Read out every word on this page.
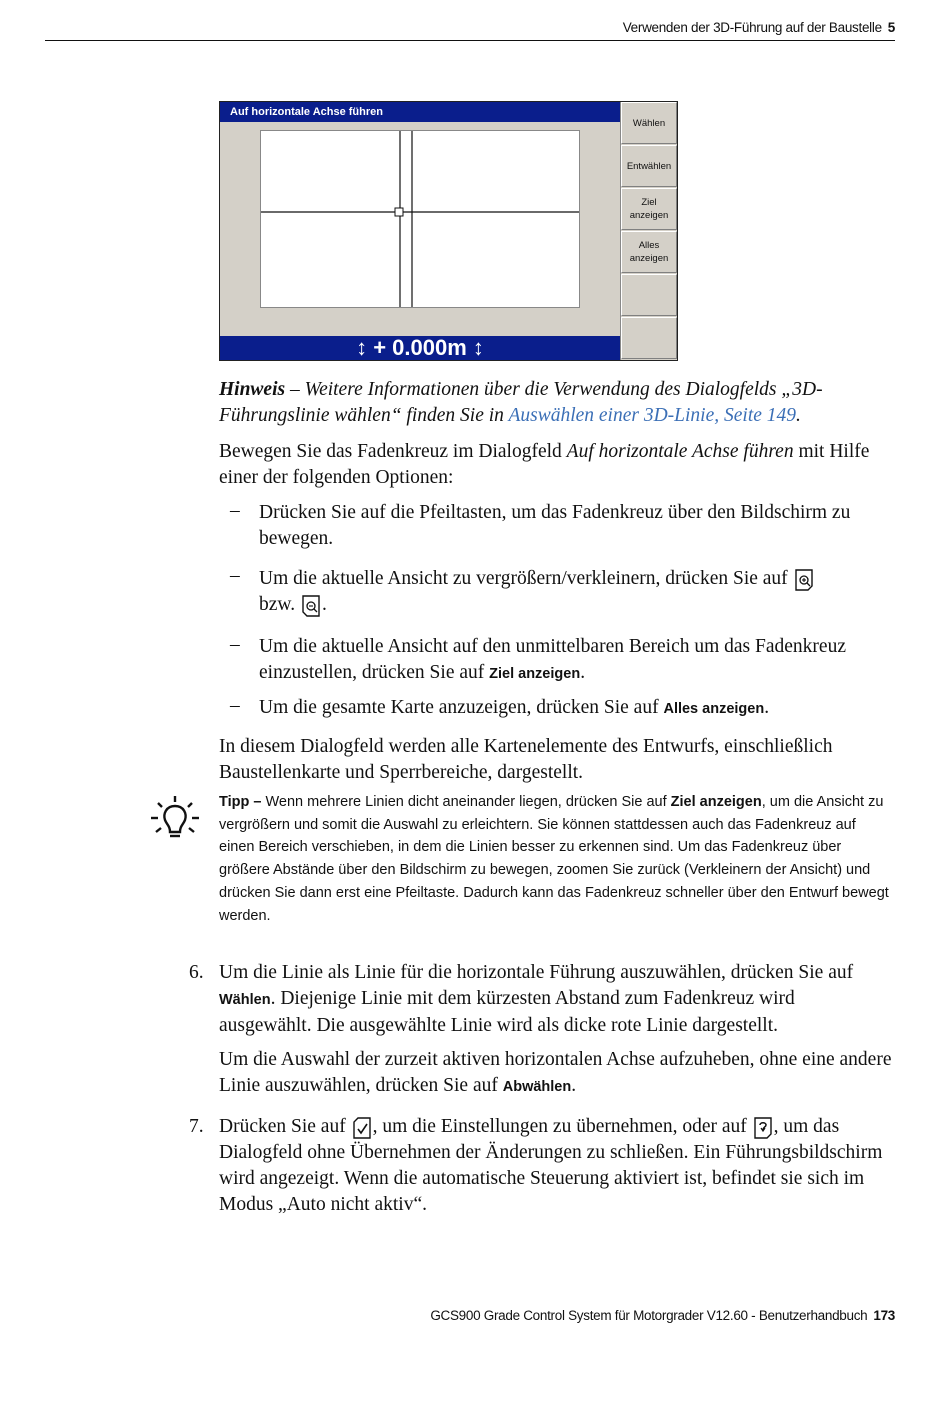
Verwenden der 3D-Führung auf der Baustelle 5
Auf horizontale Achse führen
↕ + 0.000m ↕
Wählen
Entwählen
Ziel
anzeigen
Alles
anzeigen

Hinweis – Weitere Informationen über die Verwendung des Dialogfelds „3D-Führungslinie wählen“ finden Sie in Auswählen einer 3D-Linie, Seite 149.

Bewegen Sie das Fadenkreuz im Dialogfeld Auf horizontale Achse führen mit Hilfe einer der folgenden Optionen:

– Drücken Sie auf die Pfeiltasten, um das Fadenkreuz über den Bildschirm zu bewegen.

– Um die aktuelle Ansicht zu vergrößern/verkleinern, drücken Sie auf
bzw. .

– Um die aktuelle Ansicht auf den unmittelbaren Bereich um das Fadenkreuz einzustellen, drücken Sie auf Ziel anzeigen.

– Um die gesamte Karte anzuzeigen, drücken Sie auf Alles anzeigen.

In diesem Dialogfeld werden alle Kartenelemente des Entwurfs, einschließlich Baustellenkarte und Sperrbereiche, dargestellt.

Tipp – Wenn mehrere Linien dicht aneinander liegen, drücken Sie auf Ziel anzeigen, um die Ansicht zu vergrößern und somit die Auswahl zu erleichtern. Sie können stattdessen auch das Fadenkreuz auf einen Bereich verschieben, in dem die Linien besser zu erkennen sind. Um das Fadenkreuz über größere Abstände über den Bildschirm zu bewegen, zoomen Sie zurück (Verkleinern der Ansicht) und drücken Sie dann erst eine Pfeiltaste. Dadurch kann das Fadenkreuz schneller über den Entwurf bewegt werden.

6. Um die Linie als Linie für die horizontale Führung auszuwählen, drücken Sie auf Wählen. Diejenige Linie mit dem kürzesten Abstand zum Fadenkreuz wird ausgewählt. Die ausgewählte Linie wird als dicke rote Linie dargestellt.

Um die Auswahl der zurzeit aktiven horizontalen Achse aufzuheben, ohne eine andere Linie auszuwählen, drücken Sie auf Abwählen.

7. Drücken Sie auf , um die Einstellungen zu übernehmen, oder auf , um das Dialogfeld ohne Übernehmen der Änderungen zu schließen. Ein Führungsbildschirm wird angezeigt. Wenn die automatische Steuerung aktiviert ist, befindet sie sich im Modus „Auto nicht aktiv“.

GCS900 Grade Control System für Motorgrader V12.60 - Benutzerhandbuch 173
